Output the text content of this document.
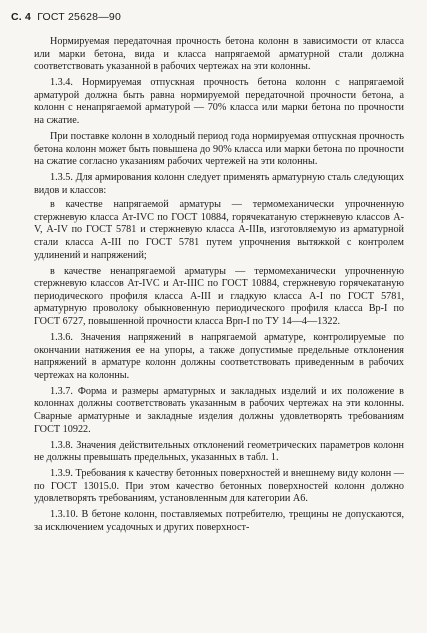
С. 4 ГОСТ 25628—90

Нормируемая передаточная прочность бетона колонн в зависимости от класса или марки бетона, вида и класса напрягаемой арматурной стали должна соответствовать указанной в рабочих чертежах на эти колонны.

1.3.4. Нормируемая отпускная прочность бетона колонн с напрягаемой арматурой должна быть равна нормируемой передаточной прочности бетона, а колонн с ненапрягаемой арматурой — 70% класса или марки бетона по прочности на сжатие.

При поставке колонн в холодный период года нормируемая отпускная прочность бетона колонн может быть повышена до 90% класса или марки бетона по прочности на сжатие согласно указаниям рабочих чертежей на эти колонны.

1.3.5. Для армирования колонн следует применять арматурную сталь следующих видов и классов:

в качестве напрягаемой арматуры — термомеханически упрочненную стержневую класса Ат-IVC по ГОСТ 10884, горячекатаную стержневую классов А-V, А-IV по ГОСТ 5781 и стержневую класса А-IIIв, изготовляемую из арматурной стали класса А-III по ГОСТ 5781 путем упрочнения вытяжкой с контролем удлинений и напряжений;

в качестве ненапрягаемой арматуры — термомеханически упрочненную стержневую классов Ат-IVC и Ат-IIIC по ГОСТ 10884, стержневую горячекатаную периодического профиля класса А-III и гладкую класса А-I по ГОСТ 5781, арматурную проволоку обыкновенную периодического профиля класса Вр-I по ГОСТ 6727, повышенной прочности класса Врп-I по ТУ 14—4—1322.

1.3.6. Значения напряжений в напрягаемой арматуре, контролируемые по окончании натяжения ее на упоры, а также допустимые предельные отклонения напряжений в арматуре колонн должны соответствовать приведенным в рабочих чертежах на колонны.

1.3.7. Форма и размеры арматурных и закладных изделий и их положение в колоннах должны соответствовать указанным в рабочих чертежах на эти колонны. Сварные арматурные и закладные изделия должны удовлетворять требованиям ГОСТ 10922.

1.3.8. Значения действительных отклонений геометрических параметров колонн не должны превышать предельных, указанных в табл. 1.

1.3.9. Требования к качеству бетонных поверхностей и внешнему виду колонн — по ГОСТ 13015.0. При этом качество бетонных поверхностей колонн должно удовлетворять требованиям, установленным для категории А6.

1.3.10. В бетоне колонн, поставляемых потребителю, трещины не допускаются, за исключением усадочных и других поверхност-
